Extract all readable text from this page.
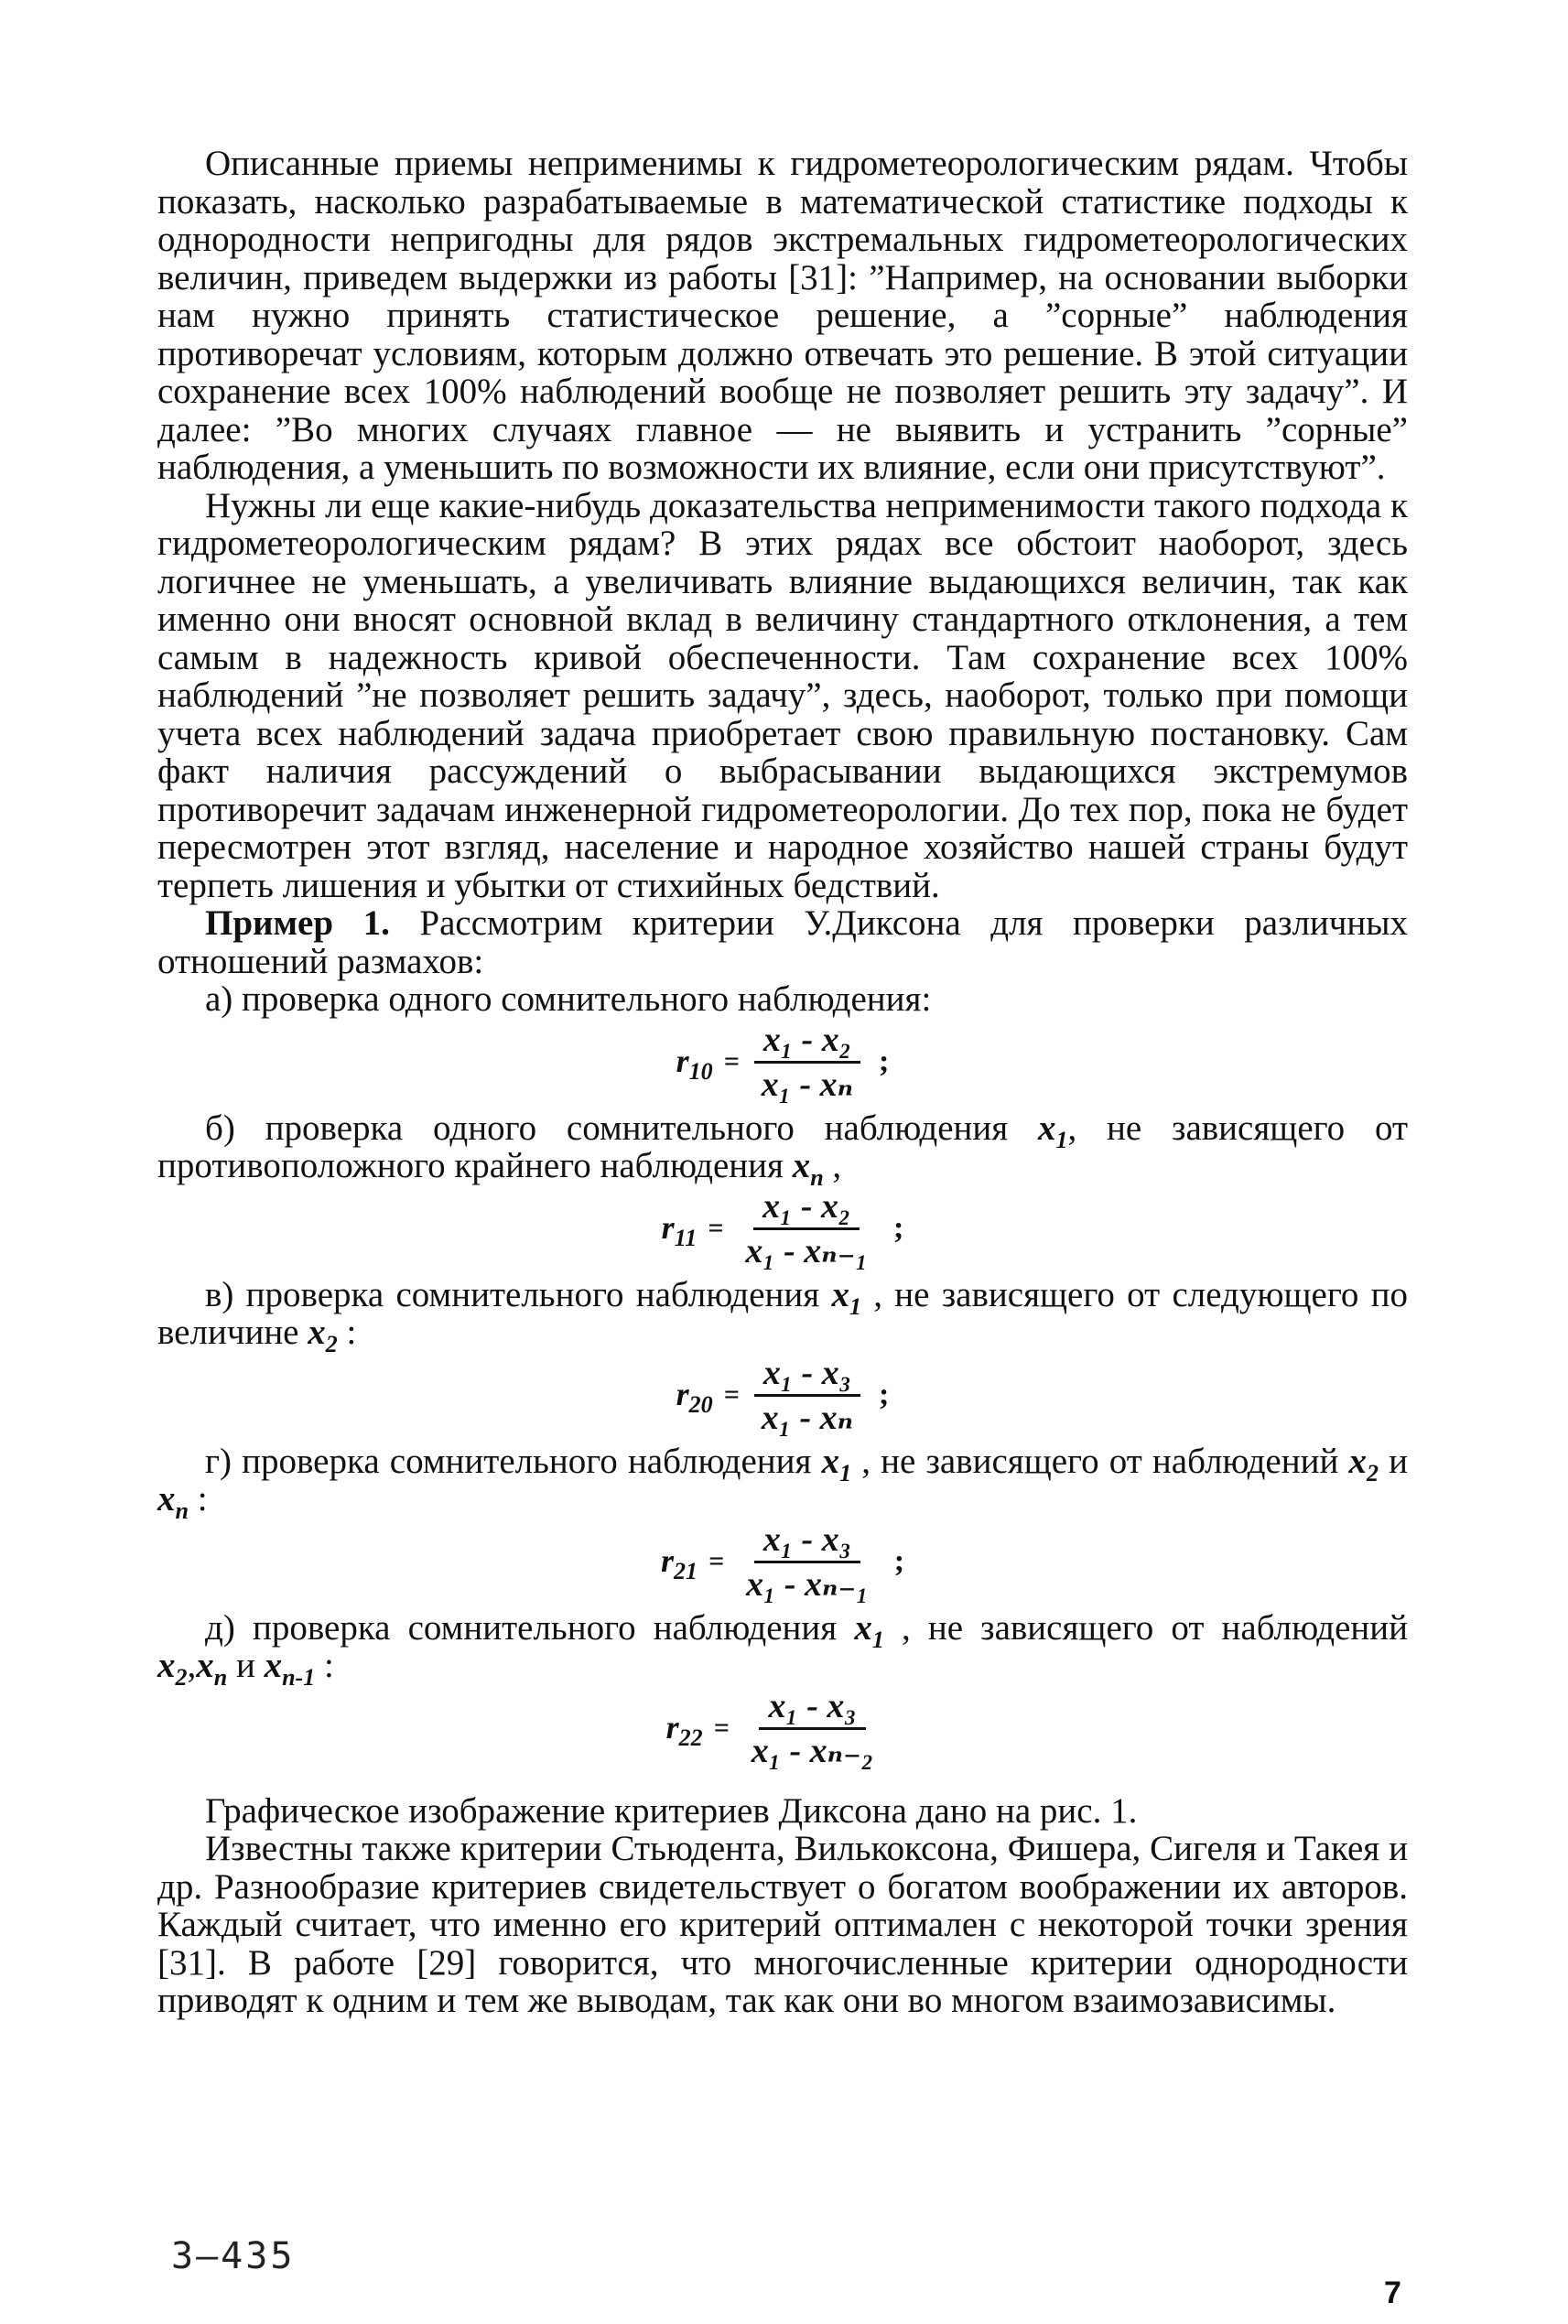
Описанные приемы неприменимы к гидрометеорологическим рядам. Чтобы показать, насколько разрабатываемые в математической статистике подходы к однородности непригодны для рядов экстремальных гидрометеорологических величин, приведем выдержки из работы [31]: ”Например, на основании выборки нам нужно принять статистическое решение, а ”сорные” наблюдения противоречат условиям, которым должно отвечать это решение. В этой ситуации сохранение всех 100% наблюдений вообще не позволяет решить эту задачу”. И далее: ”Во многих случаях главное — не выявить и устранить ”сорные” наблюдения, а уменьшить по возможности их влияние, если они присутствуют”.

Нужны ли еще какие-нибудь доказательства неприменимости такого подхода к гидрометеорологическим рядам? В этих рядах все обстоит наоборот, здесь логичнее не уменьшать, а увеличивать влияние выдающихся величин, так как именно они вносят основной вклад в величину стандартного отклонения, а тем самым в надежность кривой обеспеченности. Там сохранение всех 100% наблюдений ”не позволяет решить задачу”, здесь, наоборот, только при помощи учета всех наблюдений задача приобретает свою правильную постановку. Сам факт наличия рассуждений о выбрасывании выдающихся экстремумов противоречит задачам инженерной гидрометеорологии. До тех пор, пока не будет пересмотрен этот взгляд, население и народное хозяйство нашей страны будут терпеть лишения и убытки от стихийных бедствий.

Пример 1. Рассмотрим критерии У.Диксона для проверки различных отношений размахов:

а) проверка одного сомнительного наблюдения:

$r_{10} = \frac{\text{x₁ - x₂}}{\text{x₁ - xₙ}}$ ;

б) проверка одного сомнительного наблюдения $x_1$, не зависящего от противоположного крайнего наблюдения $x_n$ ,

$r_{11} = \frac{\text{x₁ - x₂}}{\text{x₁ - xₙ₋₁}}$ ;

в) проверка сомнительного наблюдения $x_1$ , не зависящего от следующего по величине $x_2$ :

$r_{20} = \frac{\text{x₁ - x₃}}{\text{x₁ - xₙ}}$ ;

г) проверка сомнительного наблюдения $x_1$ , не зависящего от наблюдений $x_2$ и $x_n$ :

$r_{21} = \frac{\text{x₁ - x₃}}{\text{x₁ - xₙ₋₁}}$ ;

д) проверка сомнительного наблюдения $x_1$ , не зависящего от наблюдений $x_2,x_n$ и $x_{n-1}$ :

$r_{22} = \frac{\text{x₁ - x₃}}{\text{x₁ - xₙ₋₂}}$

Графическое изображение критериев Диксона дано на рис. 1.

Известны также критерии Стьюдента, Вилькоксона, Фишера, Сигеля и Такея и др. Разнообразие критериев свидетельствует о богатом воображении их авторов. Каждый считает, что именно его критерий оптимален с некоторой точки зрения [31]. В работе [29] говорится, что многочисленные критерии однородности приводят к одним и тем же выводам, так как они во многом взаимозависимы.

3–435
7
